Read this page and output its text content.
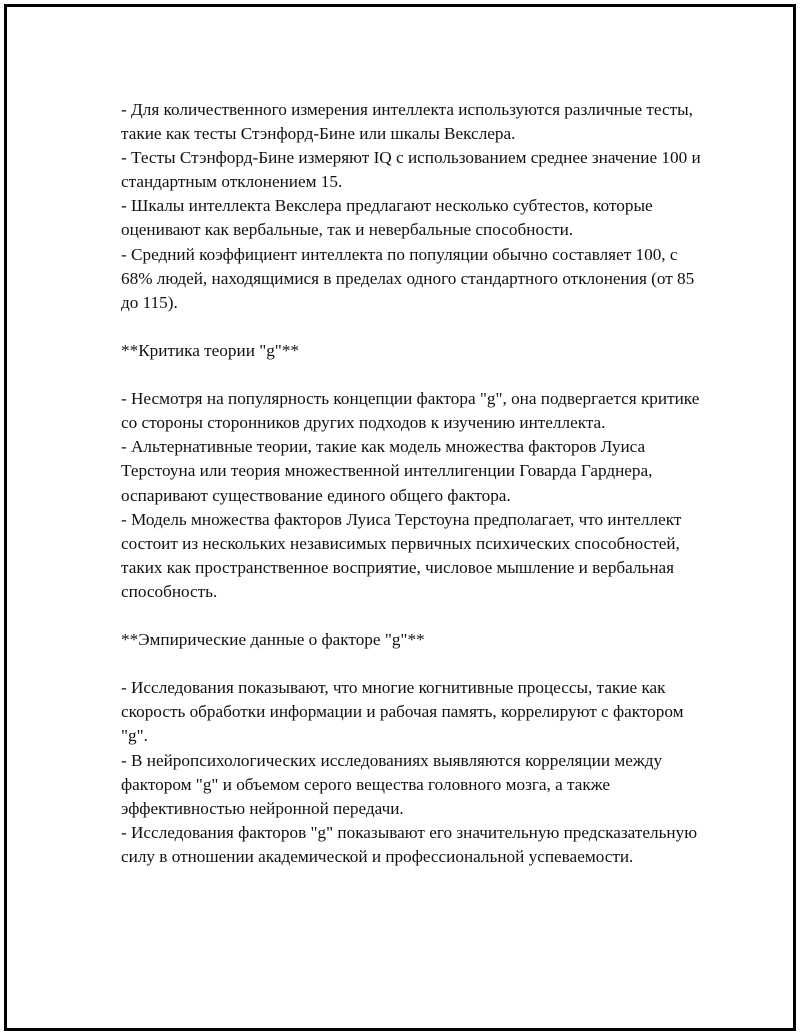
- Для количественного измерения интеллекта используются различные тесты, такие как тесты Стэнфорд-Бине или шкалы Векслера.

- Тесты Стэнфорд-Бине измеряют IQ с использованием среднее значение 100 и стандартным отклонением 15.

- Шкалы интеллекта Векслера предлагают несколько субтестов, которые оценивают как вербальные, так и невербальные способности.

- Средний коэффициент интеллекта по популяции обычно составляет 100, с 68% людей, находящимися в пределах одного стандартного отклонения (от 85 до 115).

**Критика теории "g"**

- Несмотря на популярность концепции фактора "g", она подвергается критике со стороны сторонников других подходов к изучению интеллекта.

- Альтернативные теории, такие как модель множества факторов Луиса Терстоуна или теория множественной интеллигенции Говарда Гарднера, оспаривают существование единого общего фактора.

- Модель множества факторов Луиса Терстоуна предполагает, что интеллект состоит из нескольких независимых первичных психических способностей, таких как пространственное восприятие, числовое мышление и вербальная способность.

**Эмпирические данные о факторе "g"**

- Исследования показывают, что многие когнитивные процессы, такие как скорость обработки информации и рабочая память, коррелируют с фактором "g".

- В нейропсихологических исследованиях выявляются корреляции между фактором "g" и объемом серого вещества головного мозга, а также эффективностью нейронной передачи.

- Исследования факторов "g" показывают его значительную предсказательную силу в отношении академической и профессиональной успеваемости.
